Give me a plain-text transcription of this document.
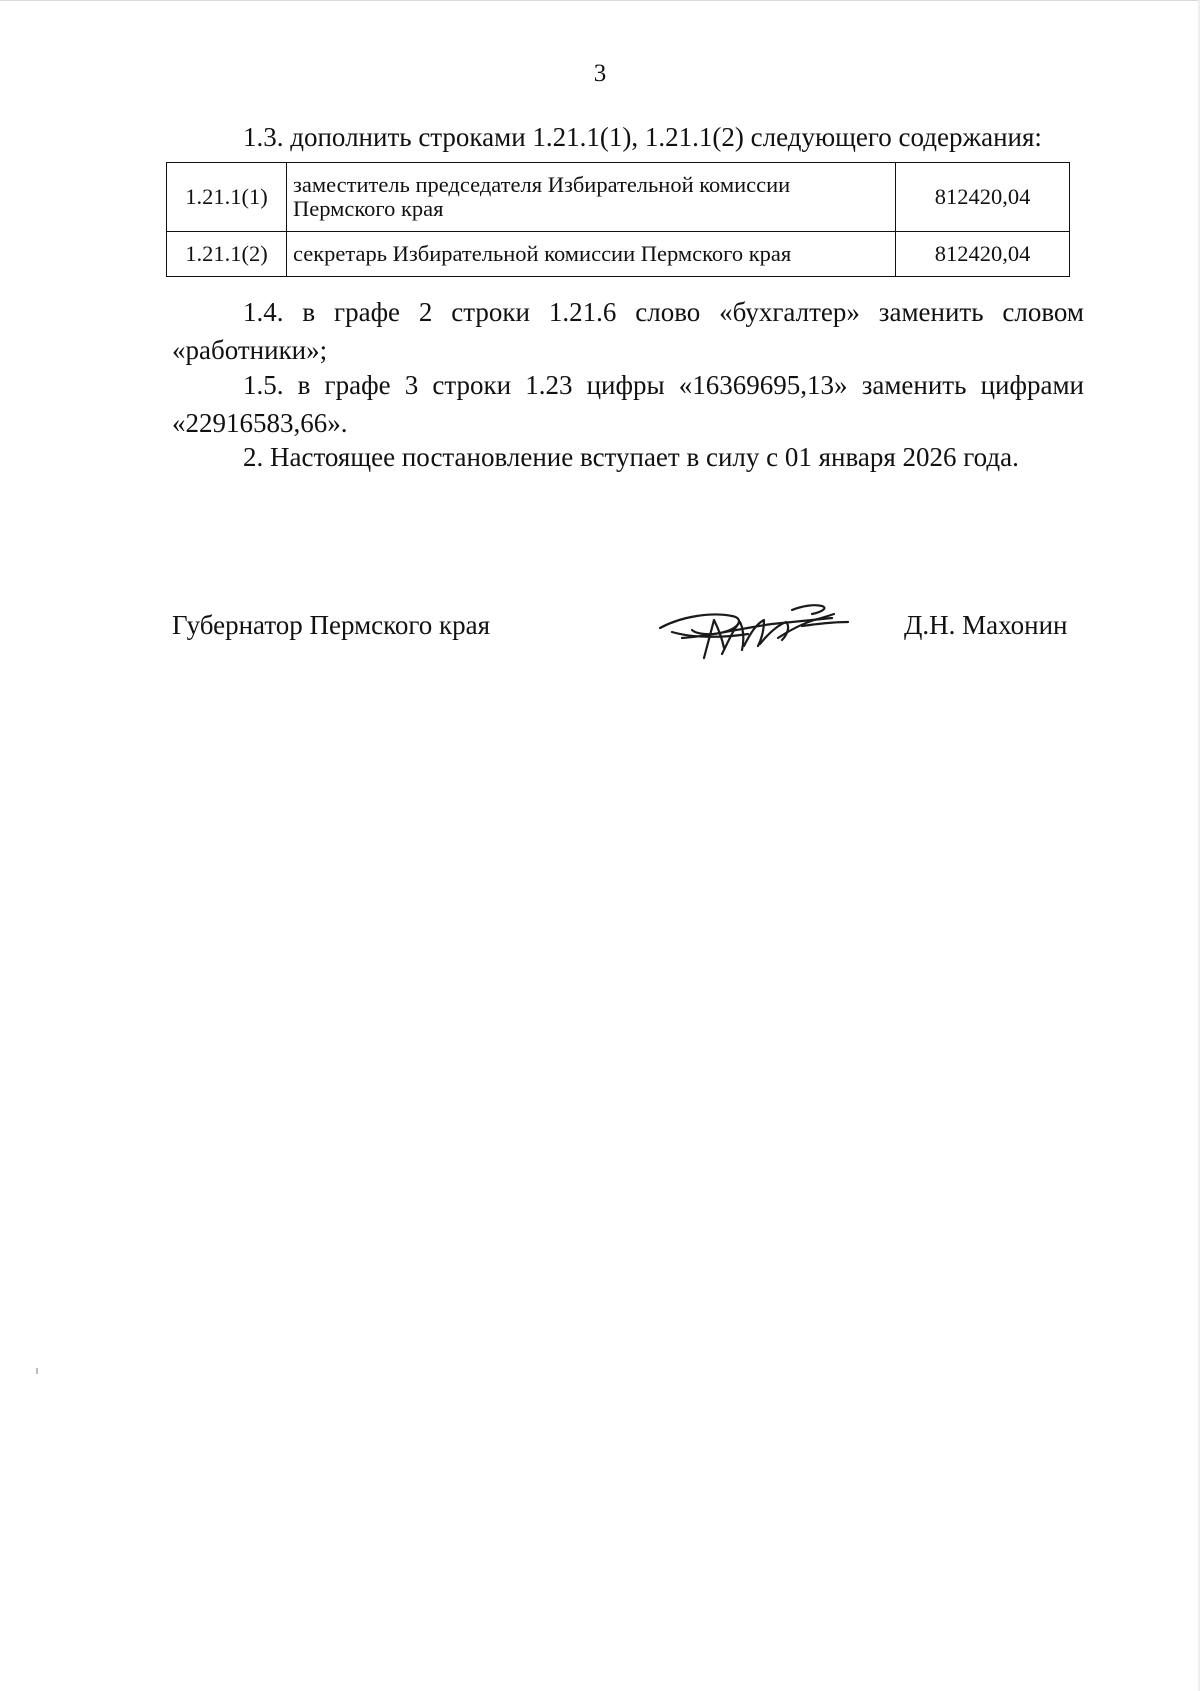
3

1.3. дополнить строками 1.21.1(1), 1.21.1(2) следующего содержания:

1.21.1(1)	заместитель председателя Избирательной комиссии Пермского края	812420,04
1.21.1(2)	секретарь Избирательной комиссии Пермского края	812420,04

1.4. в графе 2 строки 1.21.6 слово «бухгалтер» заменить словом «работники»;

1.5. в графе 3 строки 1.23 цифры «16369695,13» заменить цифрами «22916583,66».

2. Настоящее постановление вступает в силу с 01 января 2026 года.

Губернатор Пермского края	Д.Н. Махонин
